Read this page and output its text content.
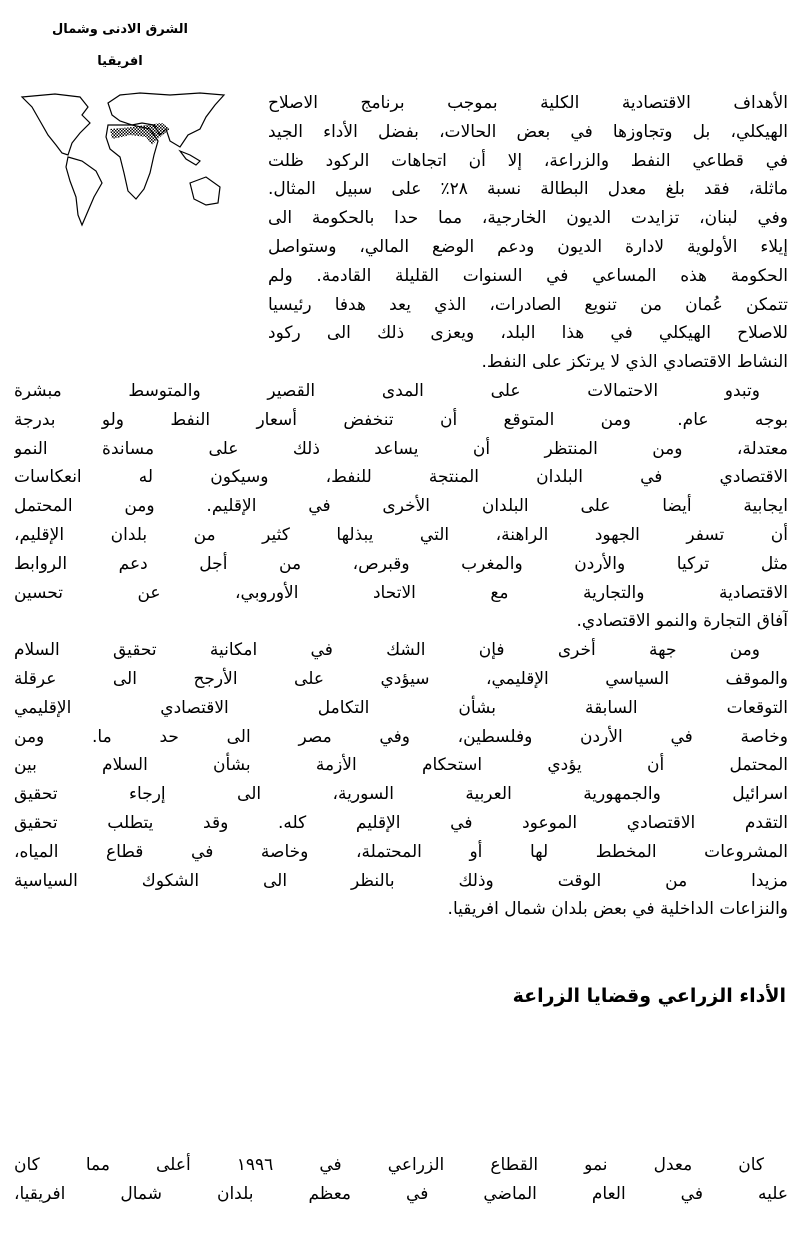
الشرق الادنى وشمال
افريقيا
الأداء الزراعي وقضايا الزراعة
الأهداف الاقتصادية الكلية بموجب برنامج الاصلاح
الهيكلي، بل وتجاوزها في بعض الحالات، بفضل الأداء الجيد
في قطاعي النفط والزراعة، إلا أن اتجاهات الركود ظلت
ماثلة، فقد بلغ معدل البطالة نسبة ٢٨٪ على سبيل المثال.
وفي لبنان، تزايدت الديون الخارجية، مما حدا بالحكومة الى
إيلاء الأولوية لادارة الديون ودعم الوضع المالي، وستواصل
الحكومة هذه المساعي في السنوات القليلة القادمة. ولم
تتمكن عُمان من تنويع الصادرات، الذي يعد هدفا رئيسيا
للاصلاح الهيكلي في هذا البلد، ويعزى ذلك الى ركود
النشاط الاقتصادي الذي لا يرتكز على النفط.
وتبدو الاحتمالات على المدى القصير والمتوسط مبشرة
بوجه عام. ومن المتوقع أن تنخفض أسعار النفط ولو بدرجة
معتدلة، ومن المنتظر أن يساعد ذلك على مساندة النمو
الاقتصادي في البلدان المنتجة للنفط، وسيكون له انعكاسات
ايجابية أيضا على البلدان الأخرى في الإقليم. ومن المحتمل
أن تسفر الجهود الراهنة، التي يبذلها كثير من بلدان الإقليم،
مثل تركيا والأردن والمغرب وقبرص، من أجل دعم الروابط
الاقتصادية والتجارية مع الاتحاد الأوروبي، عن تحسين
آفاق التجارة والنمو الاقتصادي.
ومن جهة أخرى فإن الشك في امكانية تحقيق السلام
والموقف السياسي الإقليمي، سيؤدي على الأرجح الى عرقلة
التوقعات السابقة بشأن التكامل الاقتصادي الإقليمي
وخاصة في الأردن وفلسطين، وفي مصر الى حد ما. ومن
المحتمل أن يؤدي استحكام الأزمة بشأن السلام بين
اسرائيل والجمهورية العربية السورية، الى إرجاء تحقيق
التقدم الاقتصادي الموعود في الإقليم كله. وقد يتطلب تحقيق
المشروعات المخطط لها أو المحتملة، وخاصة في قطاع المياه،
مزيدا من الوقت وذلك بالنظر الى الشكوك السياسية
والنزاعات الداخلية في بعض بلدان شمال افريقيا.
كان معدل نمو القطاع الزراعي في ١٩٩٦ أعلى مما كان
عليه في العام الماضي في معظم بلدان شمال افريقيا،
